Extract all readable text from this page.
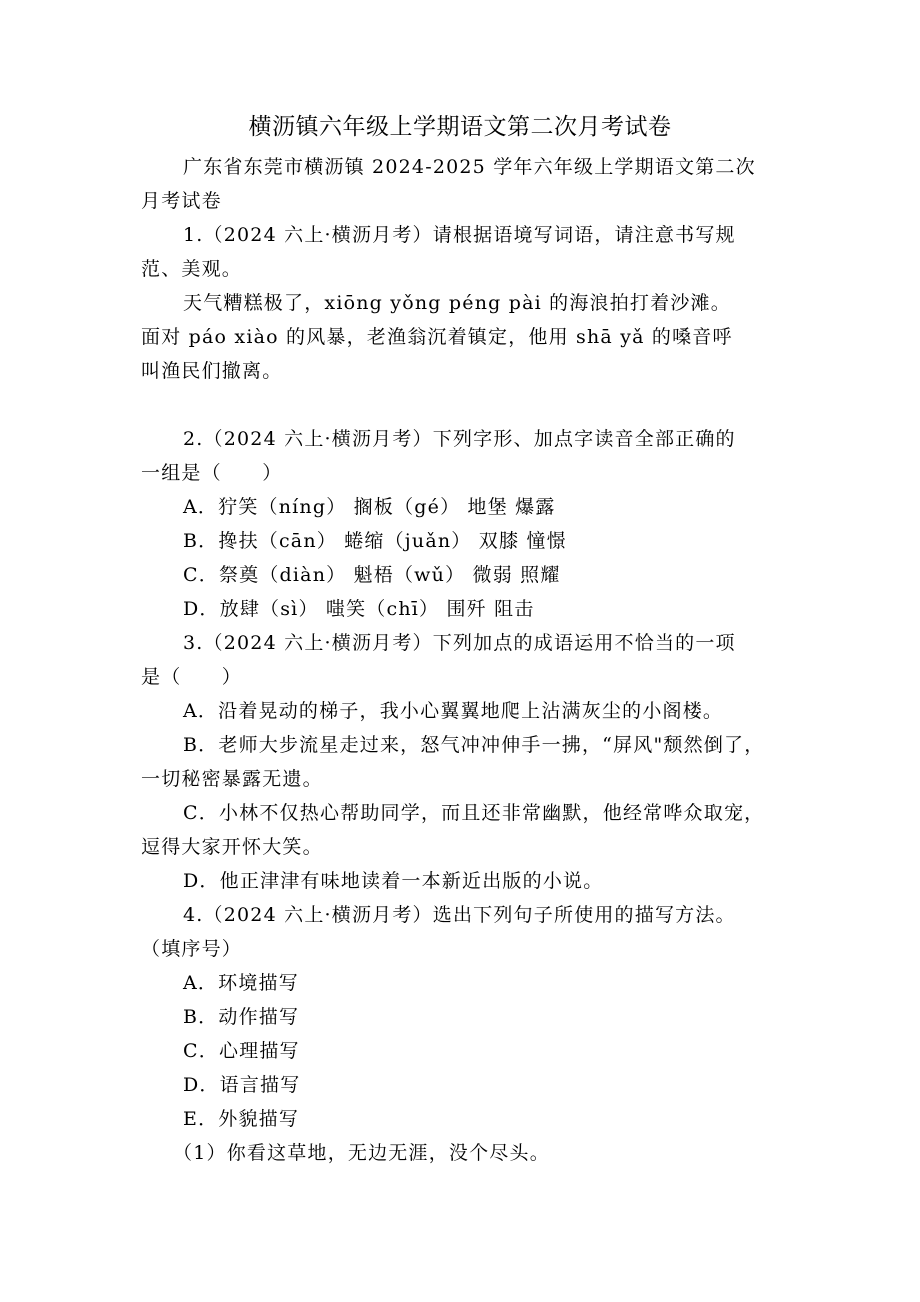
横沥镇六年级上学期语文第二次月考试卷
广东省东莞市横沥镇 2024-2025 学年六年级上学期语文第二次
月考试卷
1.（2024 六上·横沥月考）请根据语境写词语，请注意书写规
范、美观。
天气糟糕极了，xiōng yǒng péng pài 的海浪拍打着沙滩。
面对 páo xiào 的风暴，老渔翁沉着镇定，他用 shā yǎ 的嗓音呼
叫渔民们撤离。
2.（2024 六上·横沥月考）下列字形、加点字读音全部正确的
一组是（　　）
A．狞笑（níng） 搁板（gé） 地堡 爆露
B．搀扶（cān） 蜷缩（juǎn） 双膝 憧憬
C．祭奠（diàn） 魁梧（wǔ） 微弱 照耀
D．放肆（sì） 嗤笑（chī） 围歼 阻击
3.（2024 六上·横沥月考）下列加点的成语运用不恰当的一项
是（　　）
A．沿着晃动的梯子，我小心翼翼地爬上沾满灰尘的小阁楼。
B．老师大步流星走过来，怒气冲冲伸手一拂，“屏风"颓然倒了，
一切秘密暴露无遗。
C．小林不仅热心帮助同学，而且还非常幽默，他经常哗众取宠，
逗得大家开怀大笑。
D．他正津津有味地读着一本新近出版的小说。
4.（2024 六上·横沥月考）选出下列句子所使用的描写方法。
（填序号）
A．环境描写
B．动作描写
C．心理描写
D．语言描写
E．外貌描写
（1）你看这草地，无边无涯，没个尽头。
